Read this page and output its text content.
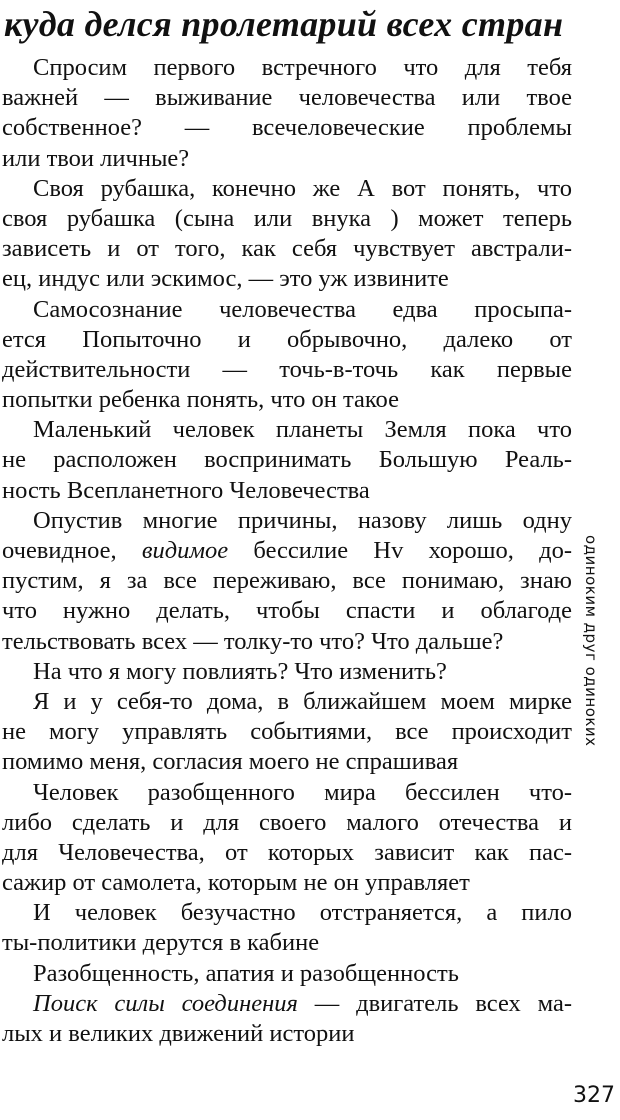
куда делся пролетарий всех стран
Спросим первого встречного что для тебя
важней — выживание человечества или твое
собственное? — всечеловеческие проблемы
или твои личные?
Своя рубашка, конечно же А вот понять, что
своя рубашка (сына или внука ) может теперь
зависеть и от того, как себя чувствует австрали-
ец, индус или эскимос, — это уж извините
Самосознание человечества едва просыпа-
ется Попыточно и обрывочно, далеко от
действительности — точь-в-точь как первые
попытки ребенка понять, что он такое
Маленький человек планеты Земля пока что
не расположен воспринимать Большую Реаль-
ность Всепланетного Человечества
Опустив многие причины, назову лишь одну
очевидное, видимое бессилие Hv хорошо, до-
пустим, я за все переживаю, все понимаю, знаю
что нужно делать, чтобы спасти и облагоде
тельствовать всех — толку-то что? Что дальше?
На что я могу повлиять? Что изменить?
Я и у себя-то дома, в ближайшем моем мирке
не могу управлять событиями, все происходит
помимо меня, согласия моего не спрашивая
Человек разобщенного мира бессилен что-
либо сделать и для своего малого отечества и
для Человечества, от которых зависит как пас-
сажир от самолета, которым не он управляет
И человек безучастно отстраняется, а пило
ты-политики дерутся в кабине
Разобщенность, апатия и разобщенность
Поиск силы соединения — двигатель всех ма-
лых и великих движений истории
одиноким друг одиноких
327
